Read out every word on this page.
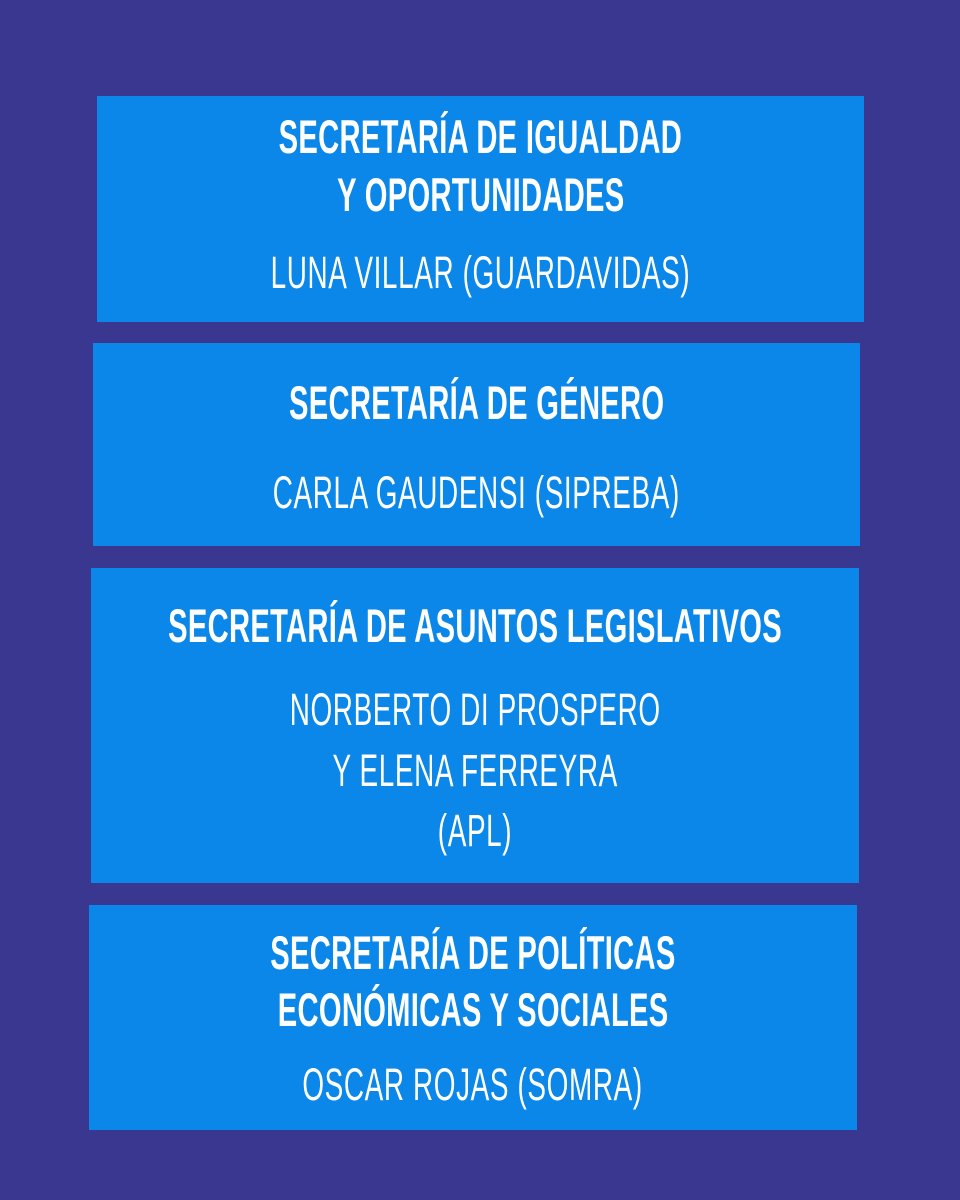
SECRETARÍA DE IGUALDAD
Y OPORTUNIDADES
LUNA VILLAR (GUARDAVIDAS)
SECRETARÍA DE GÉNERO
CARLA GAUDENSI (SIPREBA)
SECRETARÍA DE ASUNTOS LEGISLATIVOS
NORBERTO DI PROSPERO
Y ELENA FERREYRA
(APL)
SECRETARÍA DE POLÍTICAS
ECONÓMICAS Y SOCIALES
OSCAR ROJAS (SOMRA)
